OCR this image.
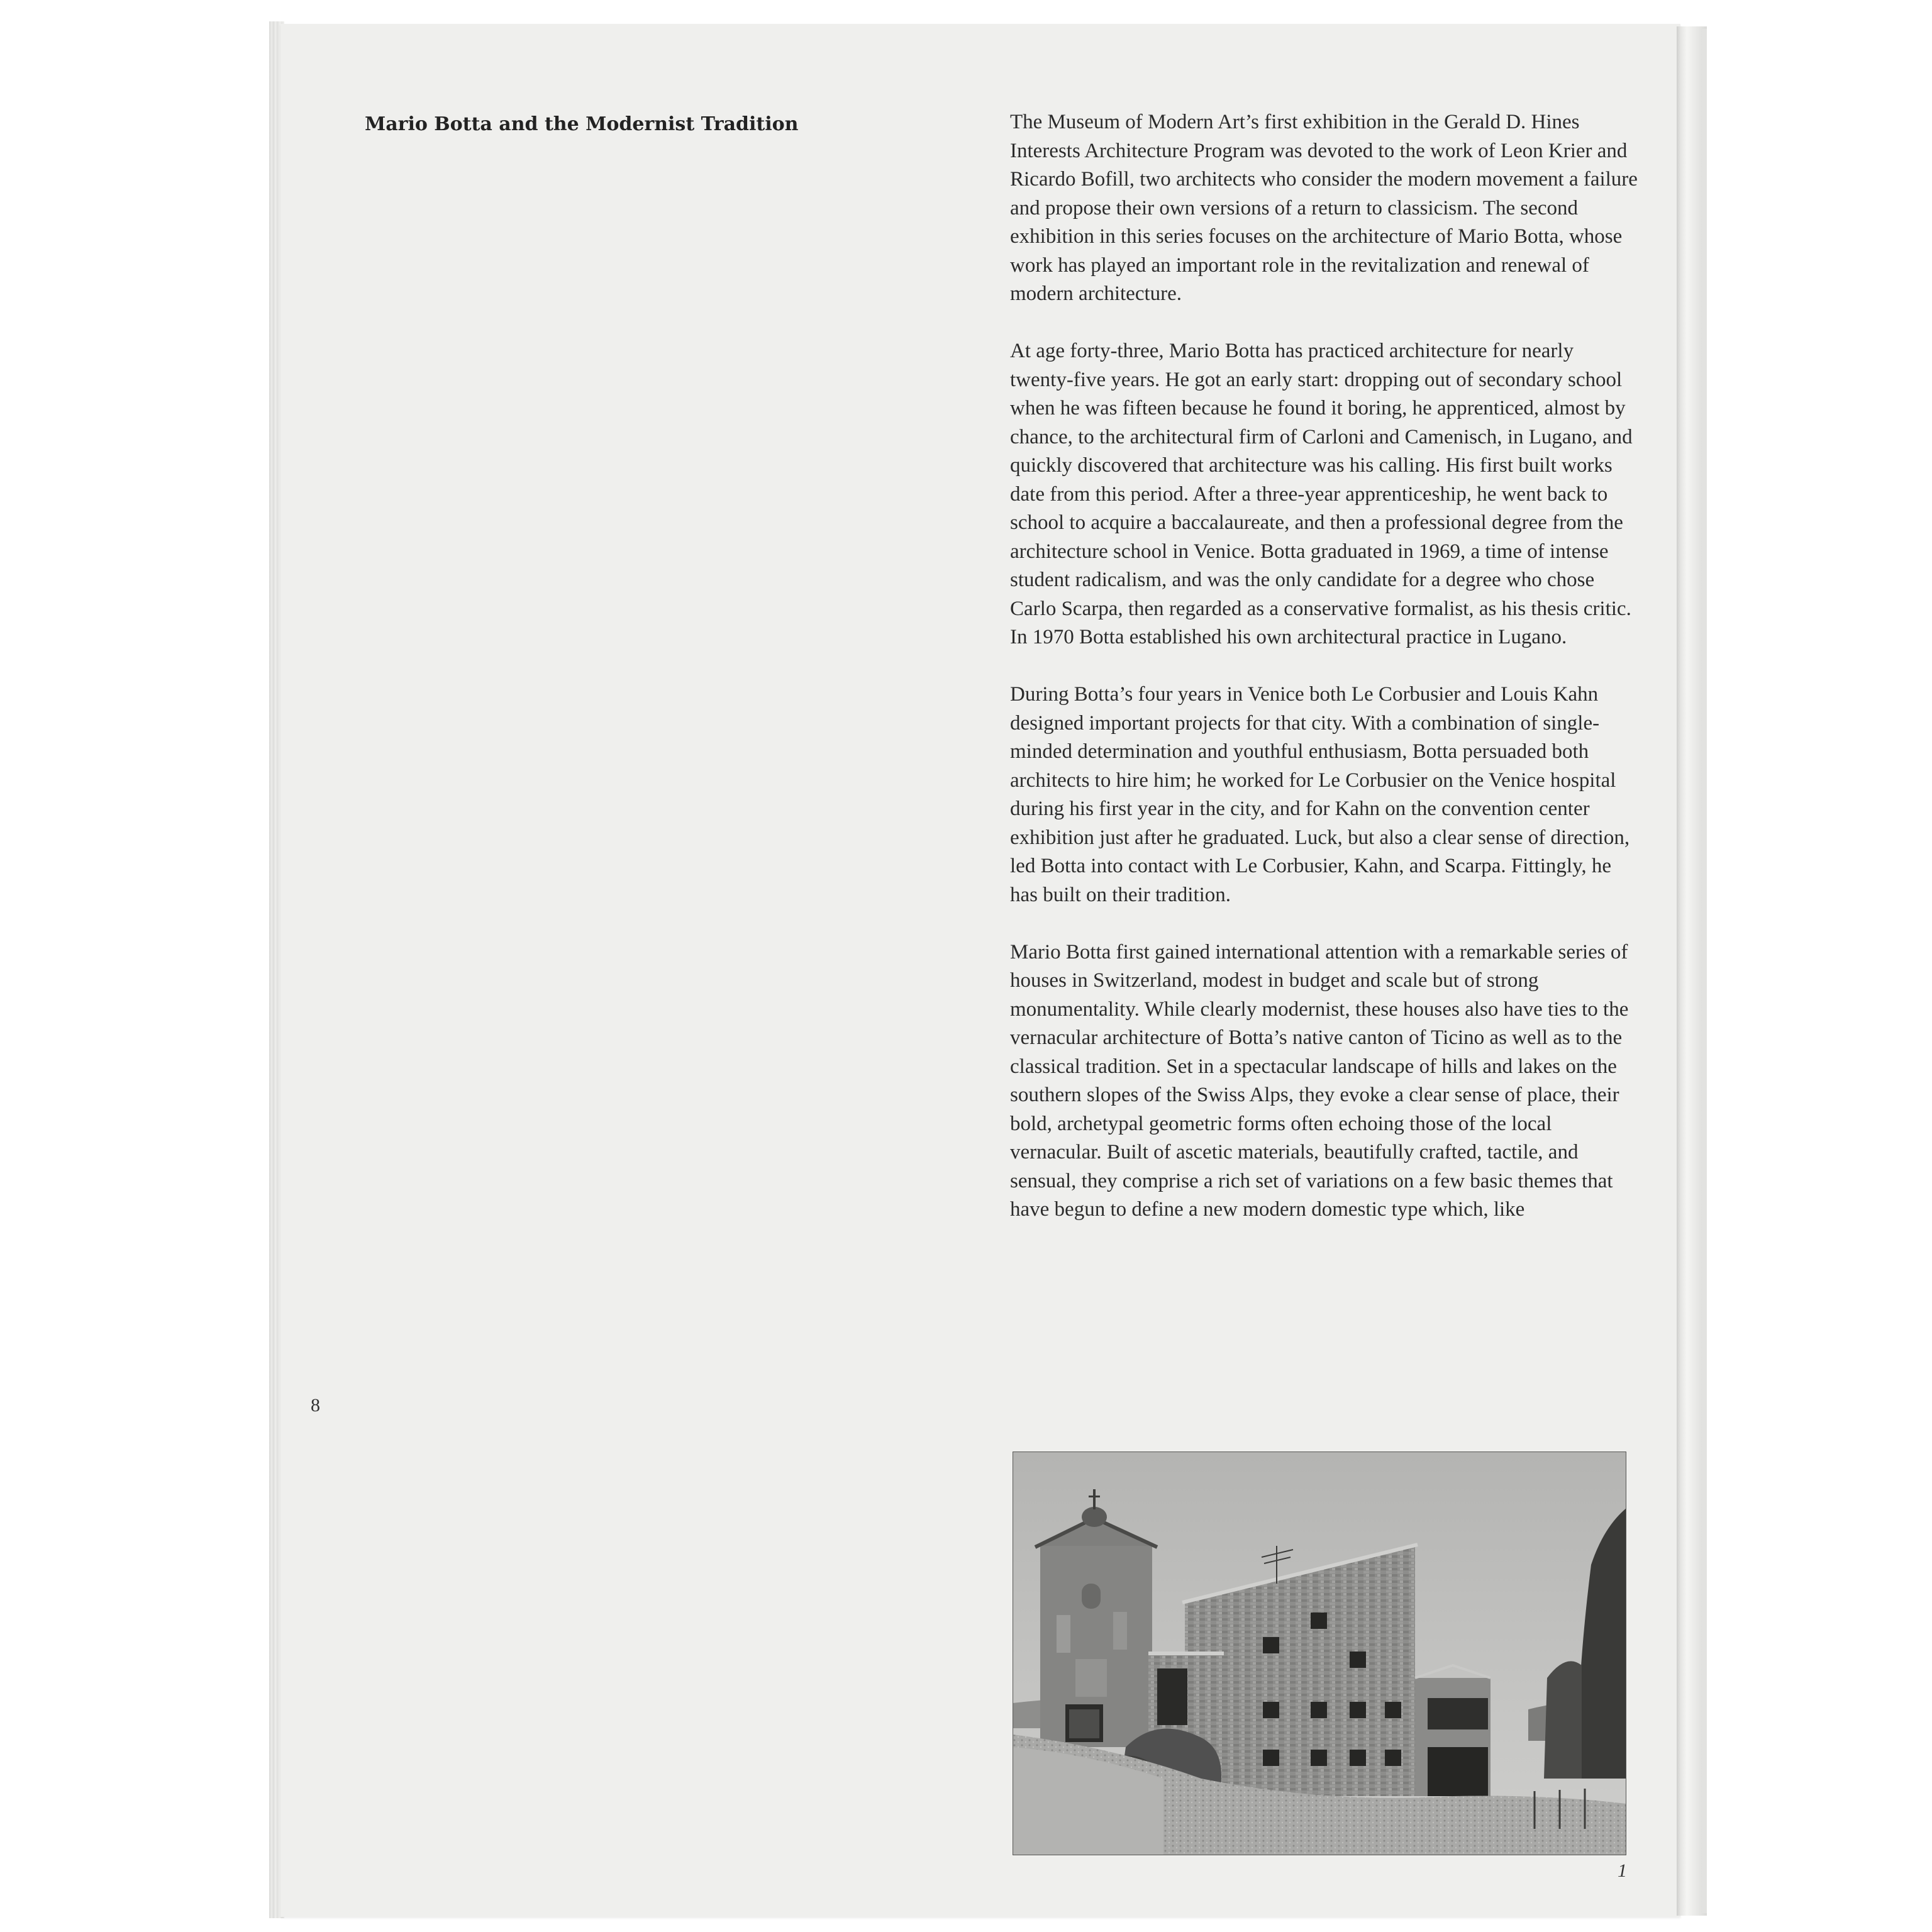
Mario Botta and the Modernist Tradition
8

The Museum of Modern Art’s first exhibition in the Gerald D. Hines Interests Architecture Program was devoted to the work of Leon Krier and Ricardo Bofill, two architects who consider the modern movement a failure and propose their own versions of a return to classicism. The second exhibition in this series focuses on the architecture of Mario Botta, whose work has played an important role in the revitalization and renewal of modern architecture.

At age forty-three, Mario Botta has practiced architecture for nearly twenty-five years. He got an early start: dropping out of secondary school when he was fifteen because he found it boring, he apprenticed, almost by chance, to the architectural firm of Carloni and Camenisch, in Lugano, and quickly discovered that architecture was his calling. His first built works date from this period. After a three-year apprenticeship, he went back to school to acquire a baccalaureate, and then a professional degree from the architecture school in Venice. Botta graduated in 1969, a time of intense student radicalism, and was the only candidate for a degree who chose Carlo Scarpa, then regarded as a conservative formalist, as his thesis critic. In 1970 Botta established his own architectural practice in Lugano.

During Botta’s four years in Venice both Le Corbusier and Louis Kahn designed important projects for that city. With a combination of single-minded determination and youthful enthusiasm, Botta persuaded both architects to hire him; he worked for Le Corbusier on the Venice hospital during his first year in the city, and for Kahn on the convention center exhibition just after he graduated. Luck, but also a clear sense of direction, led Botta into contact with Le Corbusier, Kahn, and Scarpa. Fittingly, he has built on their tradition.

Mario Botta first gained international attention with a remarkable series of houses in Switzerland, modest in budget and scale but of strong monumentality. While clearly modernist, these houses also have ties to the vernacular architecture of Botta’s native canton of Ticino as well as to the classical tradition. Set in a spectacular landscape of hills and lakes on the southern slopes of the Swiss Alps, they evoke a clear sense of place, their bold, archetypal geometric forms often echoing those of the local vernacular. Built of ascetic materials, beautifully crafted, tactile, and sensual, they comprise a rich set of variations on a few basic themes that have begun to define a new modern domestic type which, like

1
